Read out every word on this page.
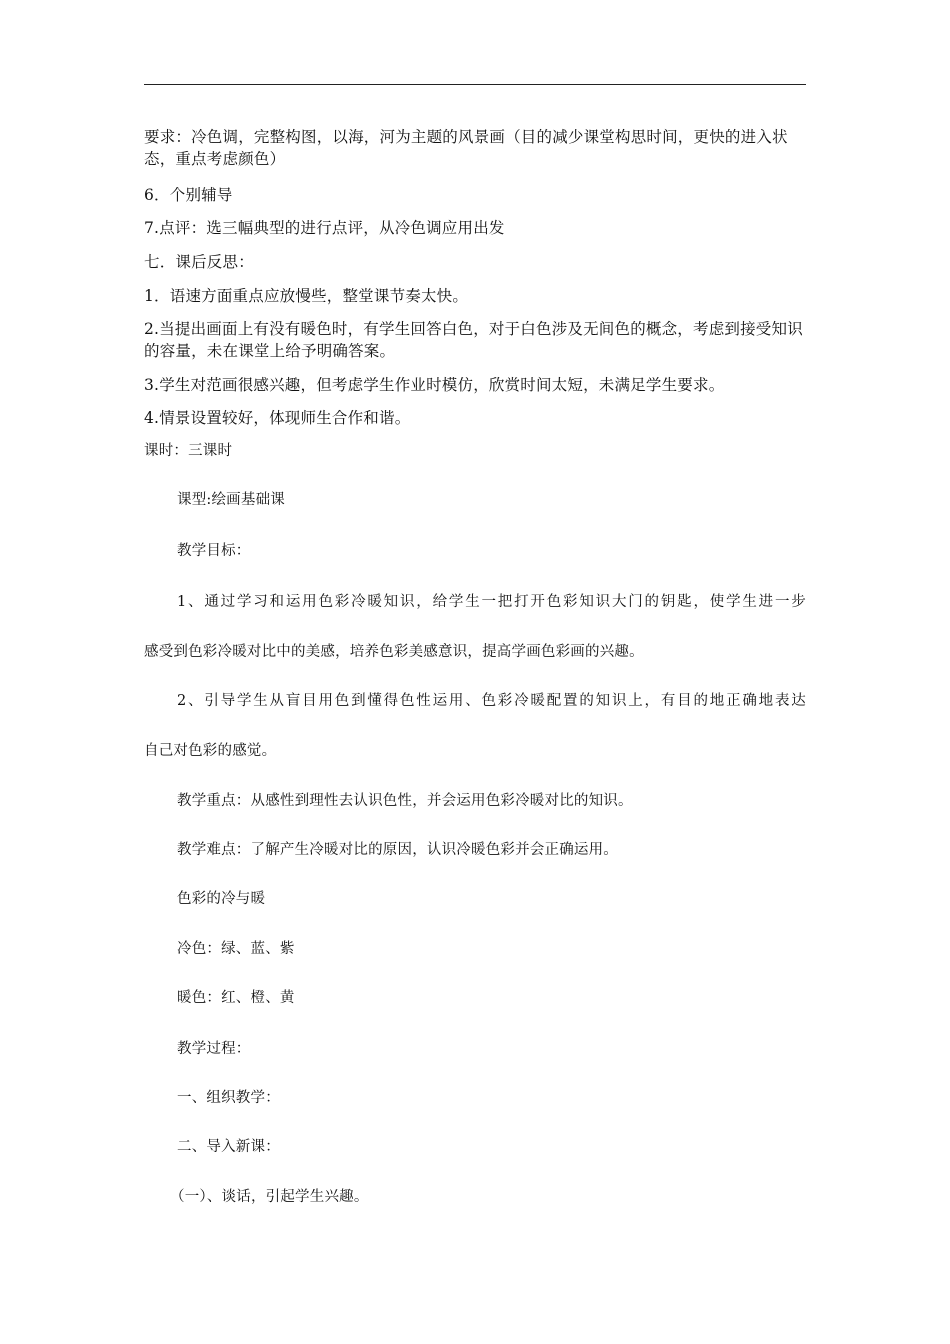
要求：冷色调，完整构图，以海，河为主题的风景画（目的减少课堂构思时间，更快的进入状态，重点考虑颜色）
6．个别辅导
7.点评：选三幅典型的进行点评，从冷色调应用出发
七．课后反思：
1．语速方面重点应放慢些，整堂课节奏太快。
2.当提出画面上有没有暖色时，有学生回答白色，对于白色涉及无间色的概念，考虑到接受知识的容量，未在课堂上给予明确答案。
3.学生对范画很感兴趣，但考虑学生作业时模仿，欣赏时间太短，未满足学生要求。
4.情景设置较好，体现师生合作和谐。
课时：三课时
课型:绘画基础课
教学目标：
1、通过学习和运用色彩冷暖知识，给学生一把打开色彩知识大门的钥匙，使学生进一步
感受到色彩冷暖对比中的美感，培养色彩美感意识，提高学画色彩画的兴趣。
2、引导学生从盲目用色到懂得色性运用、色彩冷暖配置的知识上，有目的地正确地表达
自己对色彩的感觉。
教学重点：从感性到理性去认识色性，并会运用色彩冷暖对比的知识。
教学难点：了解产生冷暖对比的原因，认识冷暖色彩并会正确运用。
色彩的冷与暖
冷色：绿、蓝、紫
暖色：红、橙、黄
教学过程：
一、组织教学：
二、导入新课：
（一）、谈话，引起学生兴趣。
